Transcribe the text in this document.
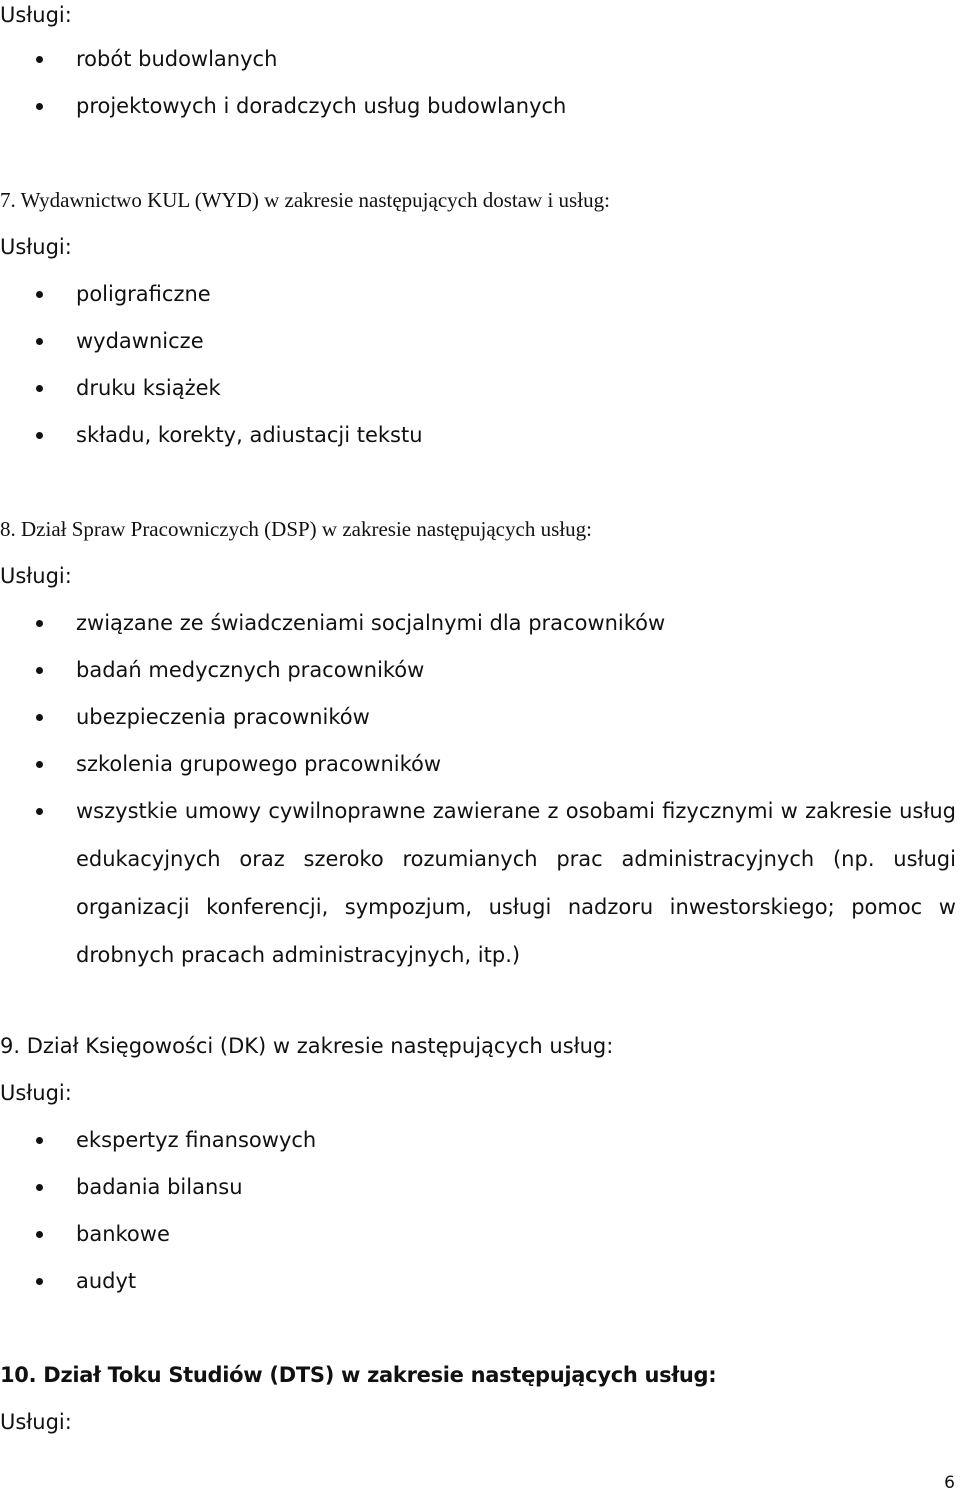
Usługi:
robót budowlanych
projektowych i doradczych usług budowlanych
7. Wydawnictwo KUL (WYD) w zakresie następujących dostaw i usług:
Usługi:
poligraficzne
wydawnicze
druku książek
składu, korekty, adiustacji tekstu
8. Dział Spraw Pracowniczych (DSP) w zakresie następujących usług:
Usługi:
związane ze świadczeniami socjalnymi dla pracowników
badań medycznych pracowników
ubezpieczenia pracowników
szkolenia grupowego pracowników
wszystkie umowy cywilnoprawne zawierane z osobami fizycznymi w zakresie usług
edukacyjnych oraz szeroko rozumianych prac administracyjnych (np. usługi
organizacji konferencji, sympozjum, usługi nadzoru inwestorskiego; pomoc w
drobnych pracach administracyjnych, itp.)
9. Dział Księgowości (DK) w zakresie następujących usług:
Usługi:
ekspertyz finansowych
badania bilansu
bankowe
audyt
10. Dział Toku Studiów (DTS) w zakresie następujących usług:
Usługi:
6
